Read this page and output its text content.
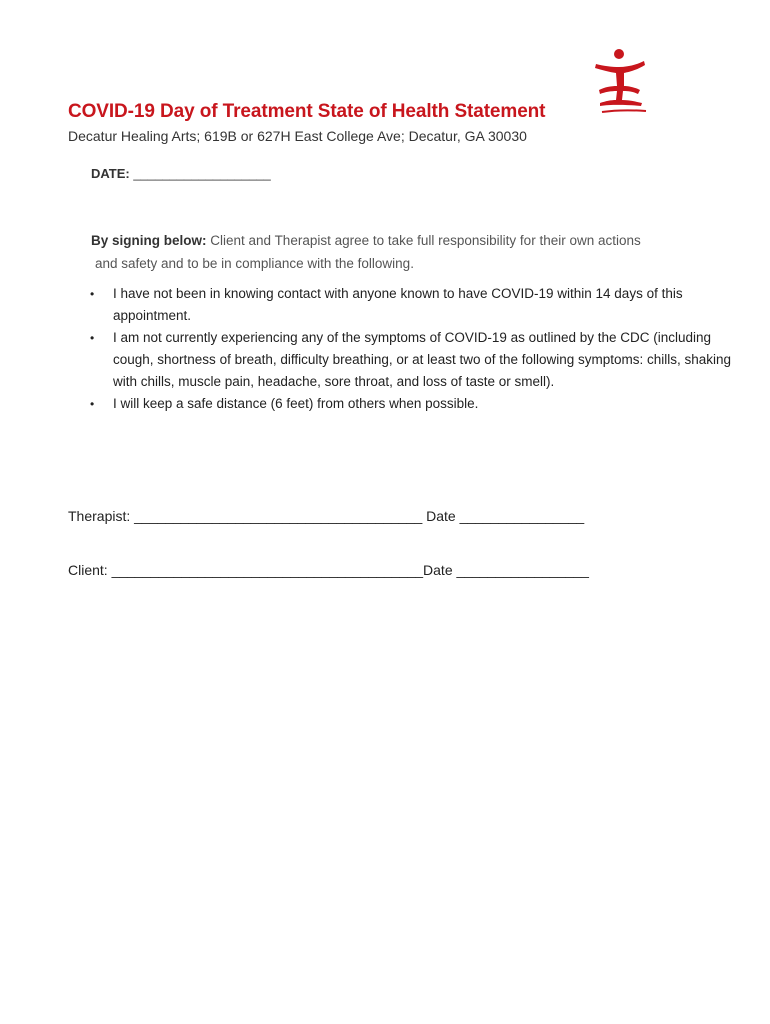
COVID-19 Day of Treatment State of Health Statement
Decatur Healing Arts; 619B or 627H East College Ave; Decatur, GA 30030
DATE: ___________________
By signing below: Client and Therapist agree to take full responsibility for their own actions
and safety and to be in compliance with the following.
• I have not been in knowing contact with anyone known to have COVID-19 within 14 days of this appointment.
• I am not currently experiencing any of the symptoms of COVID-19 as outlined by the CDC (including cough, shortness of breath, difficulty breathing, or at least two of the following symptoms: chills, shaking with chills, muscle pain, headache, sore throat, and loss of taste or smell).
• I will keep a safe distance (6 feet) from others when possible.
Therapist: _____________________________________ Date ________________
Client: ________________________________________Date _________________
